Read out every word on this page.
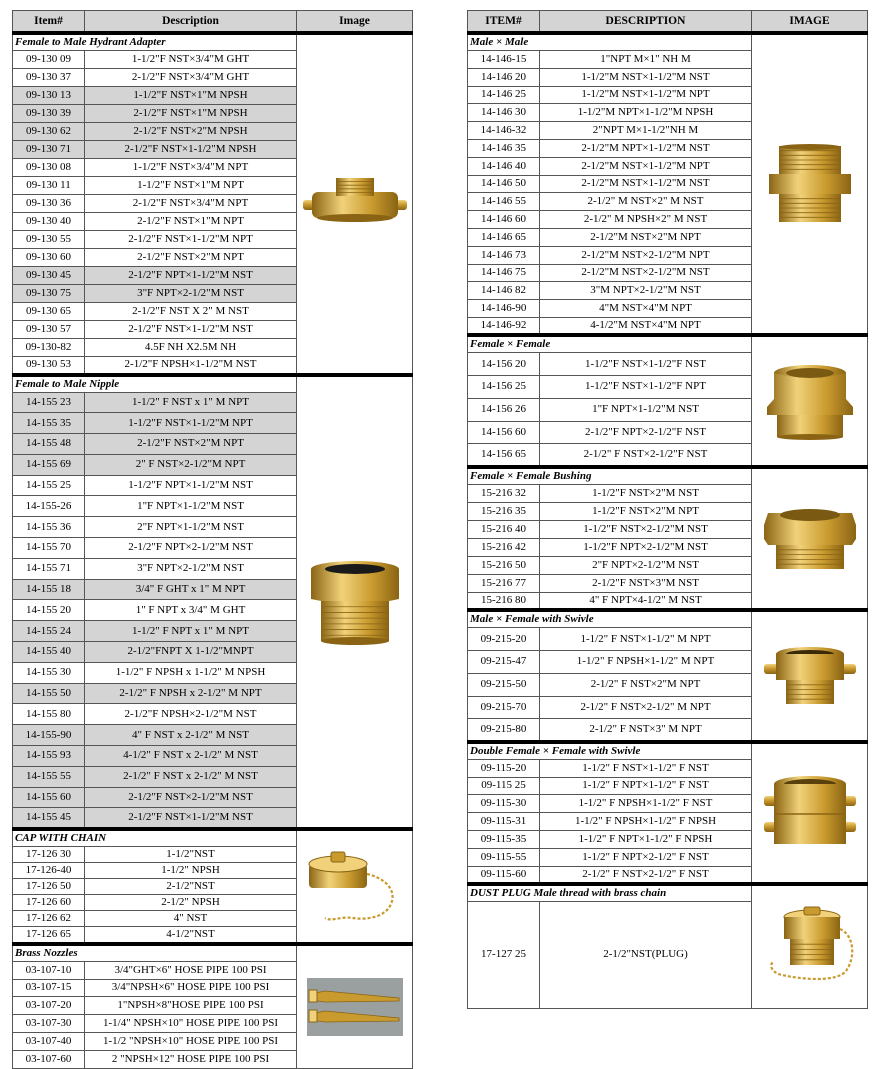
Item#	Description	Image
Female to Male Hydrant Adapter	

09-130 09	1-1/2"F NST×3/4"M GHT	
09-130 37	2-1/2"F NST×3/4"M GHT	
09-130 13	1-1/2"F NST×1"M NPSH	
09-130 39	2-1/2"F NST×1"M NPSH	
09-130 62	2-1/2"F NST×2"M NPSH	
09-130 71	2-1/2"F NST×1-1/2"M NPSH	
09-130 08	1-1/2"F NST×3/4"M NPT	
09-130 11	1-1/2"F NST×1"M NPT	
09-130 36	2-1/2"F NST×3/4"M NPT	
09-130 40	2-1/2"F NST×1"M NPT	
09-130 55	2-1/2"F NST×1-1/2"M NPT	
09-130 60	2-1/2"F NST×2"M NPT	
09-130 45	2-1/2"F NPT×1-1/2"M NST	
09-130 75	3"F NPT×2-1/2"M NST	
09-130 65	2-1/2"F NST X 2" M NST	
09-130 57	2-1/2"F NST×1-1/2"M NST	
09-130-82	4.5F NH X2.5M NH	
09-130 53	2-1/2"F NPSH×1-1/2"M NST	
Female to Male Nipple	

14-155 23	1-1/2" F NST x 1" M NPT	
14-155 35	1-1/2"F NST×1-1/2"M NPT	
14-155 48	2-1/2"F NST×2"M NPT	
14-155 69	2" F NST×2-1/2"M NPT	
14-155 25	1-1/2"F NPT×1-1/2"M NST	
14-155-26	1"F NPT×1-1/2"M NST	
14-155 36	2"F NPT×1-1/2"M NST	
14-155 70	2-1/2"F NPT×2-1/2"M NST	
14-155 71	3"F NPT×2-1/2"M NST	
14-155 18	3/4" F GHT x 1" M NPT	
14-155 20	1" F NPT x 3/4" M GHT	
14-155 24	1-1/2" F NPT x 1" M NPT	
14-155 40	2-1/2"FNPT X 1-1/2"MNPT	
14-155 30	1-1/2" F NPSH x 1-1/2" M NPSH	
14-155 50	2-1/2" F NPSH x 2-1/2" M NPT	
14-155 80	2-1/2"F NPSH×2-1/2"M NST	
14-155-90	4" F NST x 2-1/2" M NST	
14-155 93	4-1/2" F NST x 2-1/2" M NST	
14-155 55	2-1/2" F NST x 2-1/2" M NST	
14-155 60	2-1/2"F NST×2-1/2"M NST	
14-155 45	2-1/2"F NST×1-1/2"M NST	
CAP WITH CHAIN	

17-126 30	1-1/2"NST	
17-126-40	1-1/2" NPSH	
17-126 50	2-1/2"NST	
17-126 60	2-1/2" NPSH	
17-126 62	4" NST	
17-126 65	4-1/2"NST	
Brass Nozzles	

03-107-10	3/4"GHT×6" HOSE PIPE 100 PSI	
03-107-15	3/4"NPSH×6" HOSE PIPE 100 PSI	
03-107-20	1"NPSH×8"HOSE PIPE 100 PSI	
03-107-30	1-1/4" NPSH×10" HOSE PIPE 100 PSI	
03-107-40	1-1/2 "NPSH×10" HOSE PIPE 100 PSI	
03-107-60	2 "NPSH×12" HOSE PIPE 100 PSI	
ITEM#	DESCRIPTION	IMAGE
Male × Male	

14-146-15	1"NPT M×1" NH M	
14-146 20	1-1/2"M NST×1-1/2"M NST	
14-146 25	1-1/2"M NST×1-1/2"M NPT	
14-146 30	1-1/2"M NPT×1-1/2"M NPSH	
14-146-32	2"NPT M×1-1/2"NH M	
14-146 35	2-1/2"M NPT×1-1/2"M NST	
14-146 40	2-1/2"M NST×1-1/2"M NPT	
14-146 50	2-1/2"M NST×1-1/2"M NST	
14-146 55	2-1/2" M NST×2" M NST	
14-146 60	2-1/2" M NPSH×2" M NST	
14-146 65	2-1/2"M NST×2"M NPT	
14-146 73	2-1/2"M NST×2-1/2"M NPT	
14-146 75	2-1/2"M NST×2-1/2"M NST	
14-146 82	3"M NPT×2-1/2"M NST	
14-146-90	4"M NST×4"M NPT	
14-146-92	4-1/2"M NST×4"M NPT	
Female × Female	

14-156 20	1-1/2"F NST×1-1/2"F NST	
14-156 25	1-1/2"F NST×1-1/2"F NPT	
14-156 26	1"F NPT×1-1/2"M NST	
14-156 60	2-1/2"F NPT×2-1/2"F NST	
14-156 65	2-1/2" F NST×2-1/2"F NST	
Female × Female Bushing	

15-216 32	1-1/2"F NST×2"M NST	
15-216 35	1-1/2"F NST×2"M NPT	
15-216 40	1-1/2"F NST×2-1/2"M NST	
15-216 42	1-1/2"F NPT×2-1/2"M NST	
15-216 50	2"F NPT×2-1/2"M NST	
15-216 77	2-1/2"F NST×3"M NST	
15-216 80	4" F NPT×4-1/2" M NST	
Male × Female with Swivle	

09-215-20	1-1/2" F NST×1-1/2" M NPT	
09-215-47	1-1/2" F NPSH×1-1/2" M NPT	
09-215-50	2-1/2" F NST×2"M NPT	
09-215-70	2-1/2" F NST×2-1/2" M NPT	
09-215-80	2-1/2" F NST×3" M NPT	
Double Female × Female with Swivle	

09-115-20	1-1/2" F NST×1-1/2" F NST	
09-115 25	1-1/2" F NPT×1-1/2" F NST	
09-115-30	1-1/2" F NPSH×1-1/2" F NST	
09-115-31	1-1/2" F NPSH×1-1/2" F NPSH	
09-115-35	1-1/2" F NPT×1-1/2" F NPSH	
09-115-55	1-1/2" F NPT×2-1/2" F NST	
09-115-60	2-1/2" F NST×2-1/2" F NST	
DUST PLUG Male thread with brass chain	

17-127 25	2-1/2"NST(PLUG)	
